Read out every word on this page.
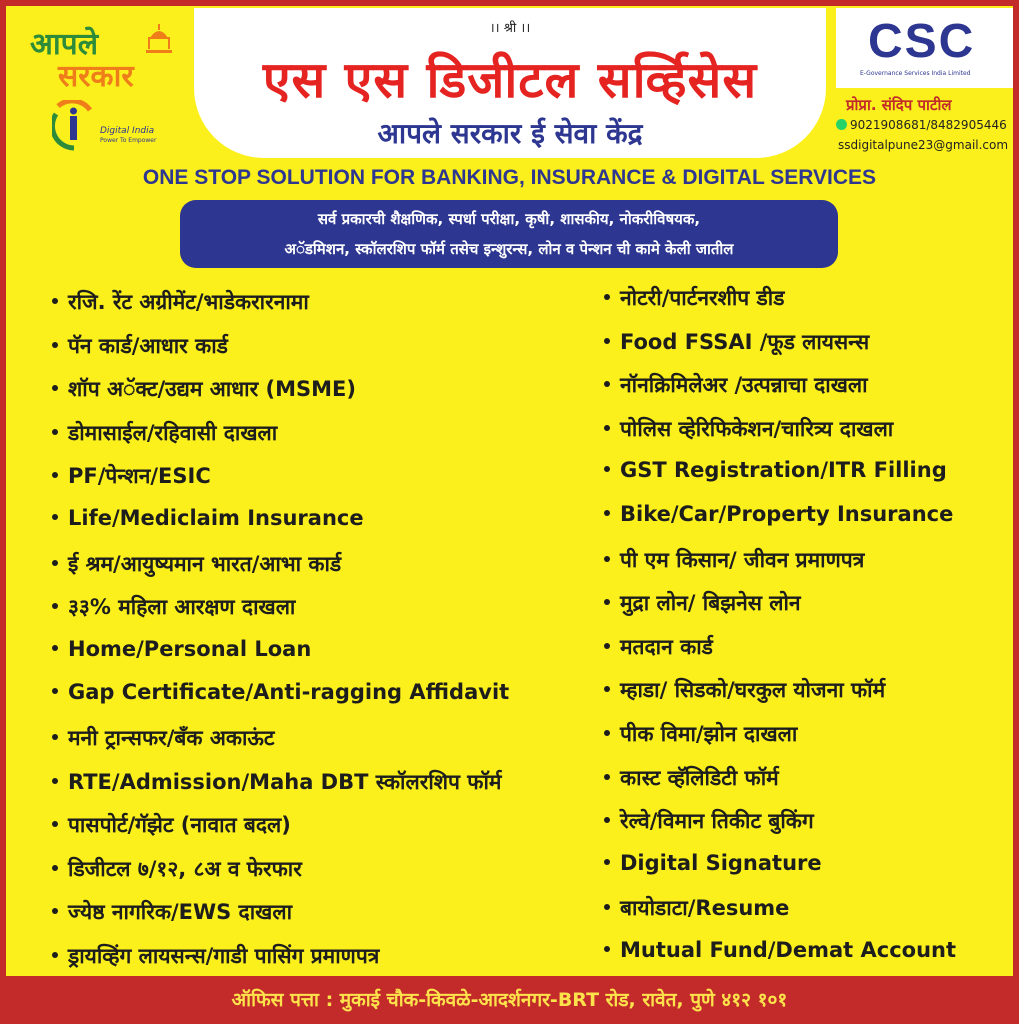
आपले
सरकार
Digital India
Power To Empower
।। श्री ।।
एस एस डिजीटल सर्व्हिसेस
आपले सरकार ई सेवा केंद्र
CSC
E-Governance Services India Limited
प्रोप्रा. संदिप पाटील
9021908681/8482905446
ssdigitalpune23@gmail.com
ONE STOP SOLUTION FOR BANKING, INSURANCE & DIGITAL SERVICES
सर्व प्रकारची शैक्षणिक, स्पर्धा परीक्षा, कृषी, शासकीय, नोकरीविषयक,
अॅडमिशन, स्कॉलरशिप फॉर्म तसेच इन्शुरन्स, लोन व पेन्शन ची कामे केली जातील
रजि. रेंट अग्रीमेंट/भाडेकरारनामा
पॅन कार्ड/आधार कार्ड
शॉप अॅक्ट/उद्यम आधार (MSME)
डोमासाईल/रहिवासी दाखला
PF/पेन्शन/ESIC
Life/Mediclaim Insurance
ई श्रम/आयुष्यमान भारत/आभा कार्ड
३३% महिला आरक्षण दाखला
Home/Personal Loan
Gap Certificate/Anti-ragging Affidavit
मनी ट्रान्सफर/बँक अकाऊंट
RTE/Admission/Maha DBT स्कॉलरशिप फॉर्म
पासपोर्ट/गॅझेट (नावात बदल)
डिजीटल ७/१२, ८अ व फेरफार
ज्येष्ठ नागरिक/EWS दाखला
ड्रायव्हिंग लायसन्स/गाडी पासिंग प्रमाणपत्र
नोटरी/पार्टनरशीप डीड
Food FSSAI /फूड लायसन्स
नॉनक्रिमिलेअर /उत्पन्नाचा दाखला
पोलिस व्हेरिफिकेशन/चारित्र्य दाखला
GST Registration/ITR Filling
Bike/Car/Property Insurance
पी एम किसान/ जीवन प्रमाणपत्र
मुद्रा लोन/ बिझनेस लोन
मतदान कार्ड
म्हाडा/ सिडको/घरकुल योजना फॉर्म
पीक विमा/झोन दाखला
कास्ट व्हॅलिडिटी फॉर्म
रेल्वे/विमान तिकीट बुकिंग
Digital Signature
बायोडाटा/Resume
Mutual Fund/Demat Account
ऑफिस पत्ता : मुकाई चौक-किवळे-आदर्शनगर-BRT रोड, रावेत, पुणे ४१२ १०१
